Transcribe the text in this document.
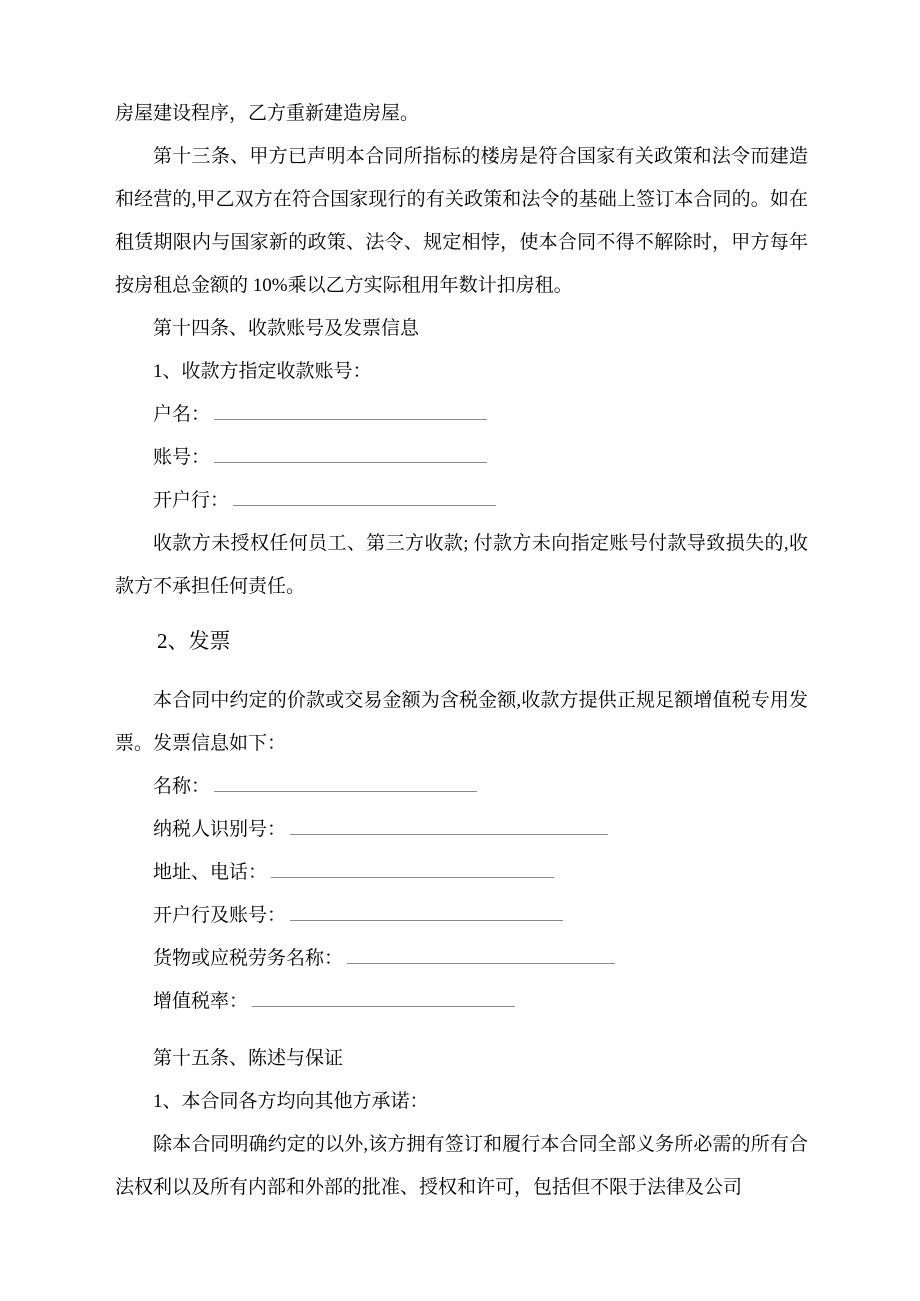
房屋建设程序，乙方重新建造房屋。

第十三条、甲方已声明本合同所指标的楼房是符合国家有关政策和法令而建造和经营的,甲乙双方在符合国家现行的有关政策和法令的基础上签订本合同的。如在租赁期限内与国家新的政策、法令、规定相悖，使本合同不得不解除时，甲方每年按房租总金额的 10%乘以乙方实际租用年数计扣房租。

第十四条、收款账号及发票信息

1、收款方指定收款账号：

户名：
账号：
开户行：

收款方未授权任何员工、第三方收款; 付款方未向指定账号付款导致损失的,收款方不承担任何责任。

2、发票

本合同中约定的价款或交易金额为含税金额,收款方提供正规足额增值税专用发票。发票信息如下：

名称：
纳税人识别号：
地址、电话：
开户行及账号：
货物或应税劳务名称：
增值税率：

第十五条、陈述与保证

1、本合同各方均向其他方承诺：

除本合同明确约定的以外,该方拥有签订和履行本合同全部义务所必需的所有合法权利以及所有内部和外部的批准、授权和许可，包括但不限于法律及公司
